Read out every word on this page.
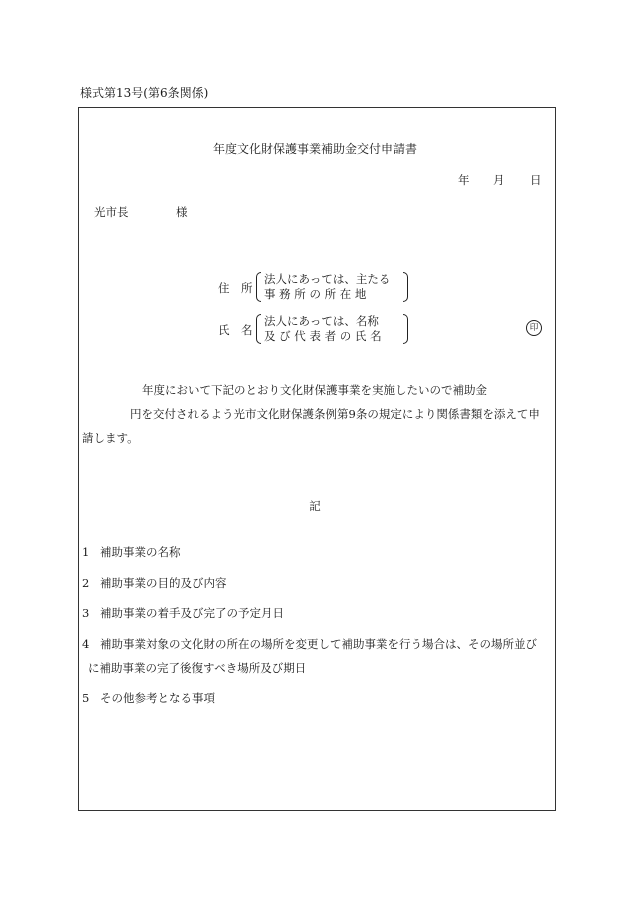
様式第13号(第6条関係)
年度文化財保護事業補助金交付申請書
年 月 日
光市長	様
住　所
法人にあっては、主たる
事 務 所 の 所 在 地
氏　名
法人にあっては、名称
及 び 代 表 者 の 氏 名
印
年度において下記のとおり文化財保護事業を実施したいので補助金
円を交付されるよう光市文化財保護条例第9条の規定により関係書類を添えて申
請します。
記
1 補助事業の名称
2 補助事業の目的及び内容
3 補助事業の着手及び完了の予定月日
4 補助事業対象の文化財の所在の場所を変更して補助事業を行う場合は、その場所並び
に補助事業の完了後復すべき場所及び期日
5 その他参考となる事項
